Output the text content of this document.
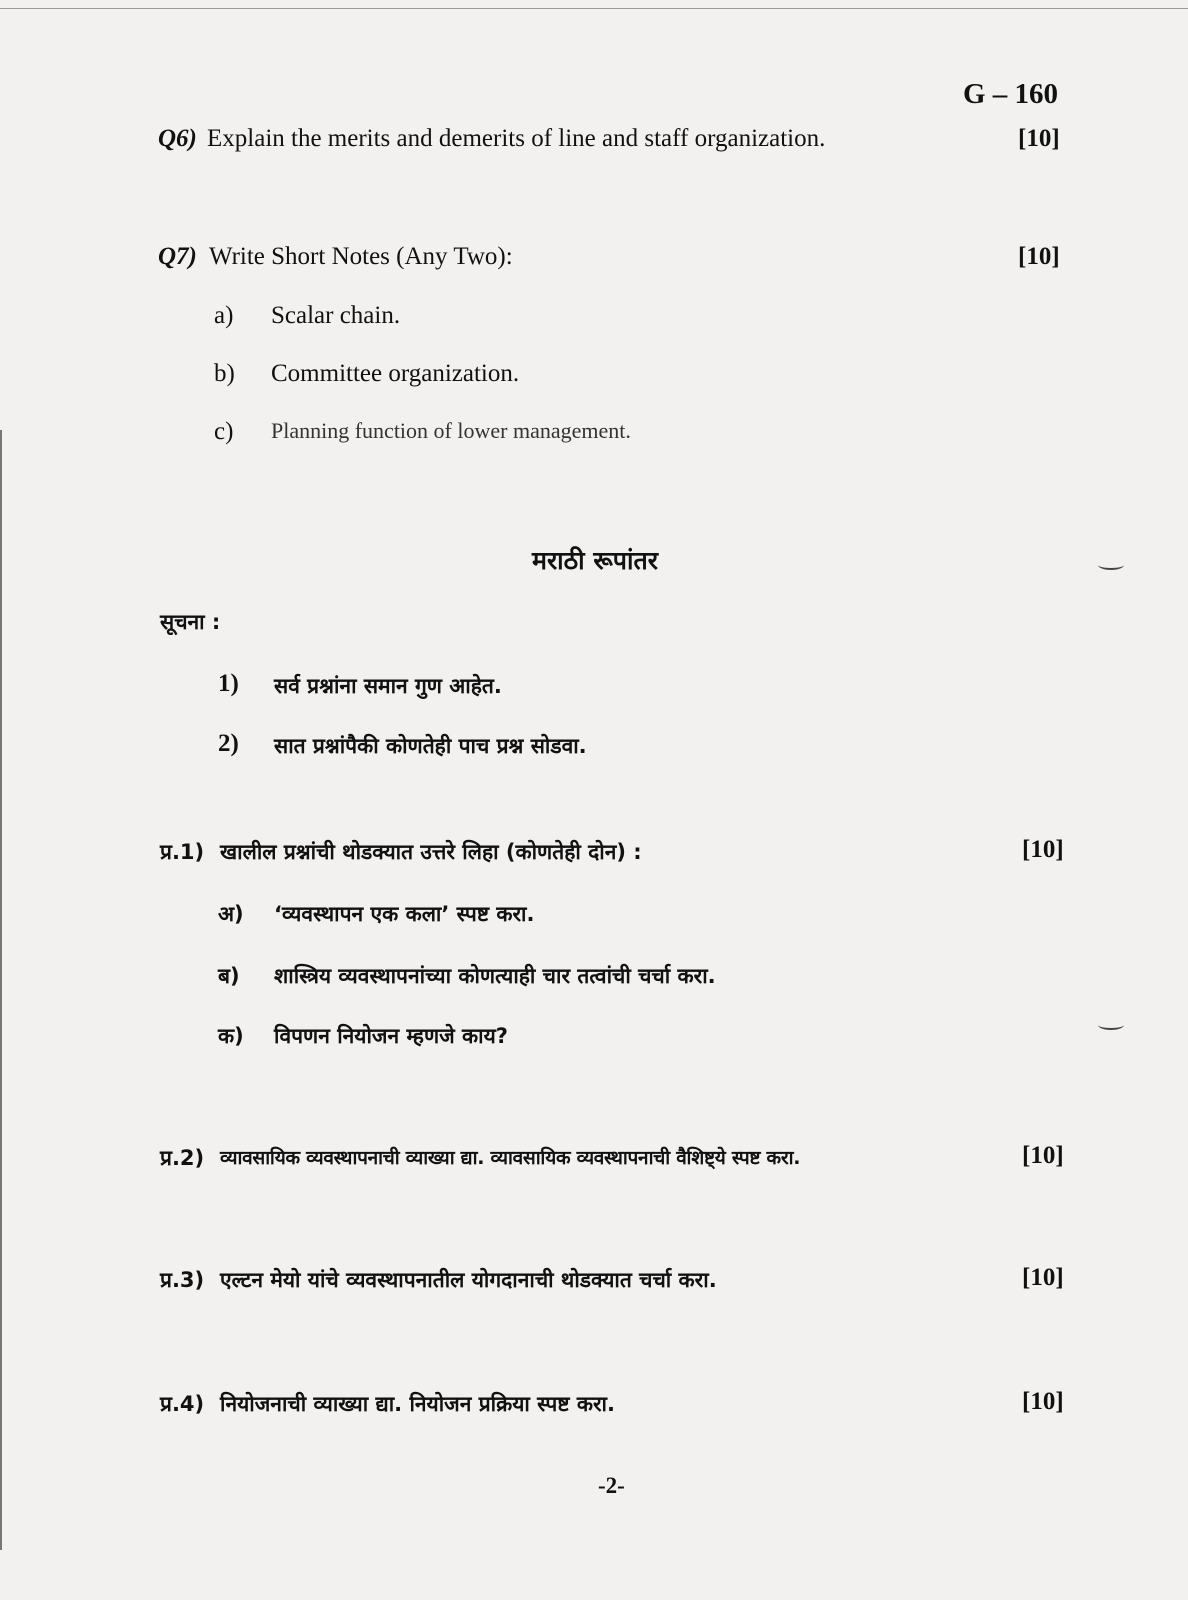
G – 160
Q6) Explain the merits and demerits of line and staff organization.	[10]
Q7) Write Short Notes (Any Two):	[10]
a) Scalar chain.
b) Committee organization.
c) Planning function of lower management.
मराठी रूपांतर
सूचना :
1) सर्व प्रश्नांना समान गुण आहेत.
2) सात प्रश्नांपैकी कोणतेही पाच प्रश्न सोडवा.
प्र.1) खालील प्रश्नांची थोडक्यात उत्तरे लिहा (कोणतेही दोन) :	[10]
अ) ‘व्यवस्थापन एक कला’ स्पष्ट करा.
ब) शास्त्रिय व्यवस्थापनांच्या कोणत्याही चार तत्वांची चर्चा करा.
क) विपणन नियोजन म्हणजे काय?
प्र.2) व्यावसायिक व्यवस्थापनाची व्याख्या द्या. व्यावसायिक व्यवस्थापनाची वैशिष्ट्ये स्पष्ट करा.	[10]
प्र.3) एल्टन मेयो यांचे व्यवस्थापनातील योगदानाची थोडक्यात चर्चा करा.	[10]
प्र.4) नियोजनाची व्याख्या द्या. नियोजन प्रक्रिया स्पष्ट करा.	[10]
-2-
